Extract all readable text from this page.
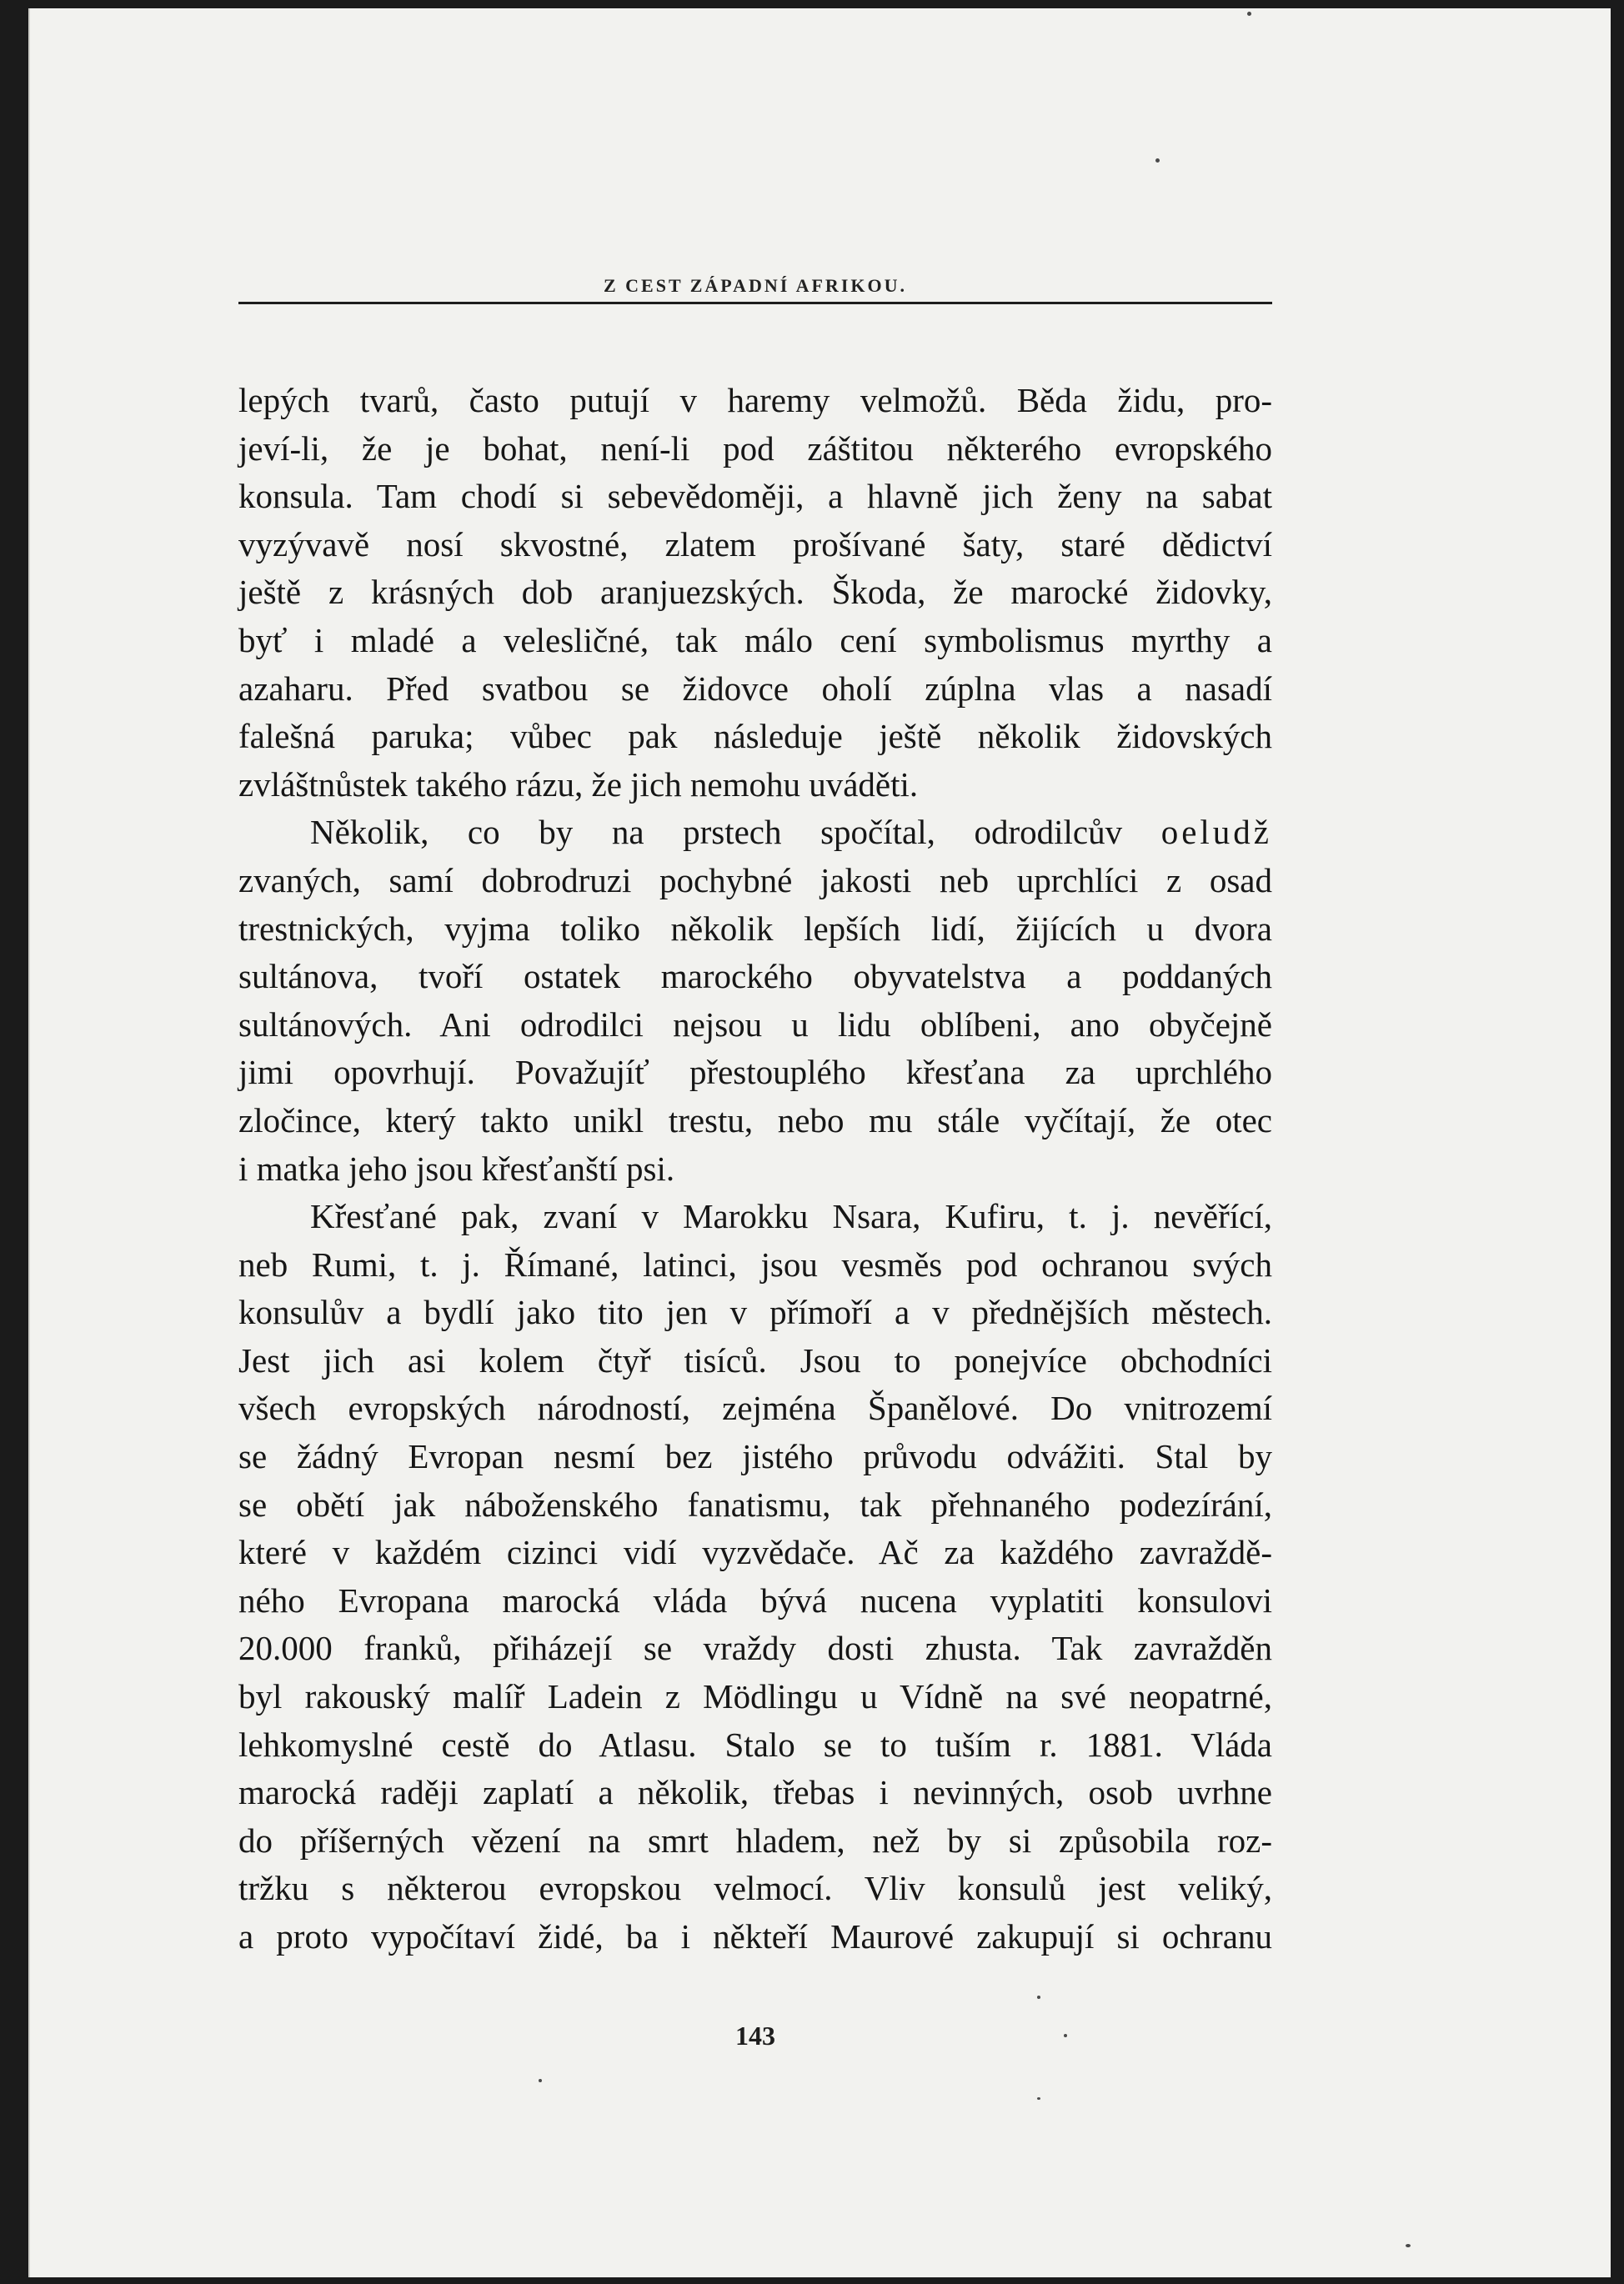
Z CEST ZÁPADNÍ AFRIKOU.
lepých tvarů, často putují v haremy velmožů. Běda židu, pro-
jeví-li, že je bohat, není-li pod záštitou některého evropského
konsula. Tam chodí si sebevědoměji, a hlavně jich ženy na sabat
vyzývavě nosí skvostné, zlatem prošívané šaty, staré dědictví
ještě z krásných dob aranjuezských. Škoda, že marocké židovky,
byť i mladé a velesličné, tak málo cení symbolismus myrthy a
azaharu. Před svatbou se židovce oholí zúplna vlas a nasadí
falešná paruka; vůbec pak následuje ještě několik židovských
zvláštnůstek takého rázu, že jich nemohu uváděti.
Několik, co by na prstech spočítal, odrodilcův oeludž
zvaných, samí dobrodruzi pochybné jakosti neb uprchlíci z osad
trestnických, vyjma toliko několik lepších lidí, žijících u dvora
sultánova, tvoří ostatek marockého obyvatelstva a poddaných
sultánových. Ani odrodilci nejsou u lidu oblíbeni, ano obyčejně
jimi opovrhují. Považujíť přestouplého křesťana za uprchlého
zločince, který takto unikl trestu, nebo mu stále vyčítají, že otec
i matka jeho jsou křesťanští psi.
Křesťané pak, zvaní v Marokku Nsara, Kufiru, t. j. nevěřící,
neb Rumi, t. j. Římané, latinci, jsou vesměs pod ochranou svých
konsulův a bydlí jako tito jen v přímoří a v přednějších městech.
Jest jich asi kolem čtyř tisíců. Jsou to ponejvíce obchodníci
všech evropských národností, zejména Španělové. Do vnitrozemí
se žádný Evropan nesmí bez jistého průvodu odvážiti. Stal by
se obětí jak náboženského fanatismu, tak přehnaného podezírání,
které v každém cizinci vidí vyzvědače. Ač za každého zavraždě-
ného Evropana marocká vláda bývá nucena vyplatiti konsulovi
20.000 franků, přiházejí se vraždy dosti zhusta. Tak zavražděn
byl rakouský malíř Ladein z Mödlingu u Vídně na své neopatrné,
lehkomyslné cestě do Atlasu. Stalo se to tuším r. 1881. Vláda
marocká raději zaplatí a několik, třebas i nevinných, osob uvrhne
do příšerných vězení na smrt hladem, než by si způsobila roz-
tržku s některou evropskou velmocí. Vliv konsulů jest veliký,
a proto vypočítaví židé, ba i někteří Maurové zakupují si ochranu
143
